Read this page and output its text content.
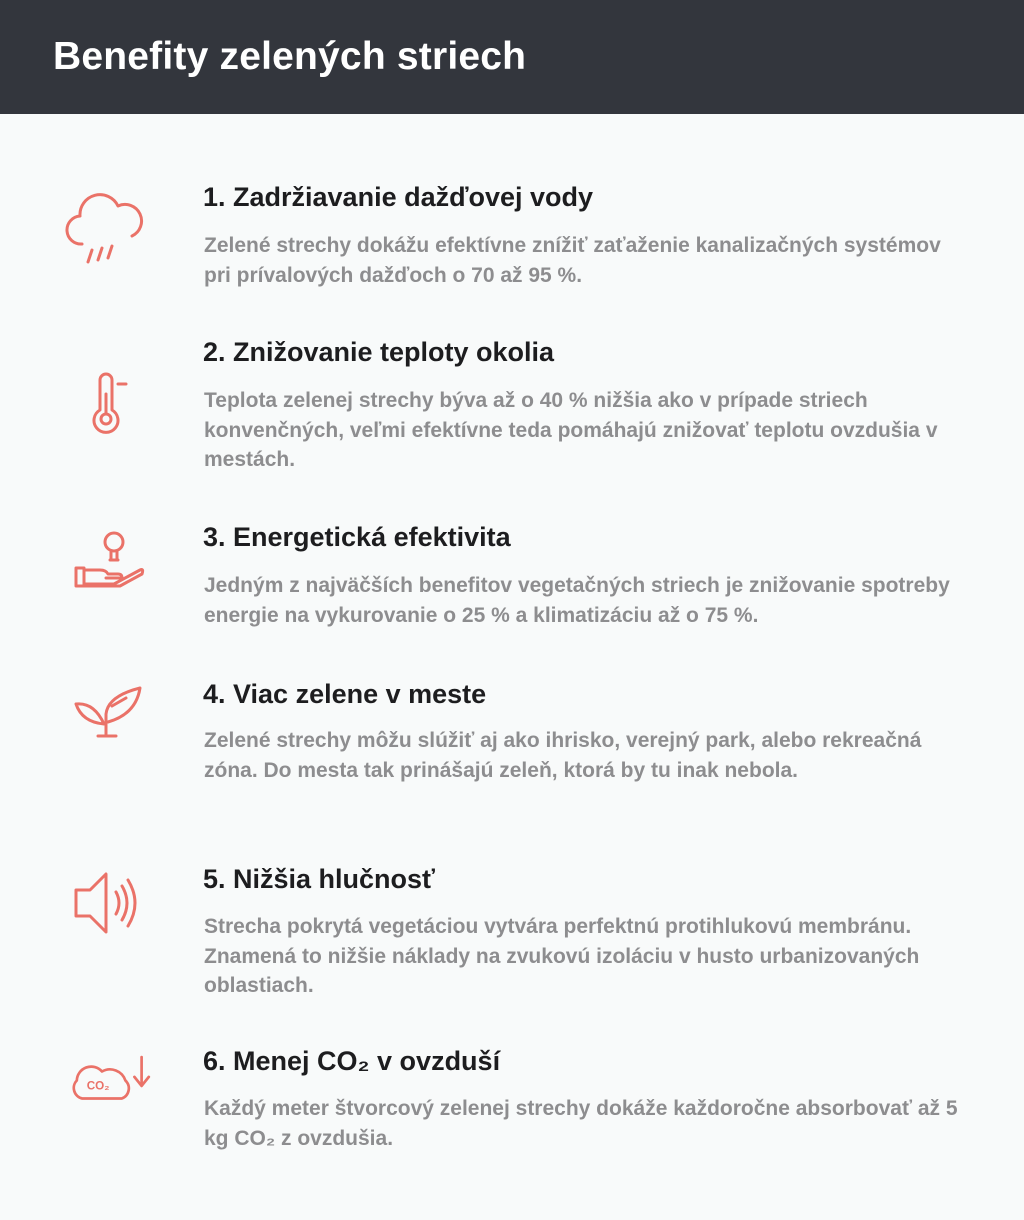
Benefity zelených striech
1. Zadržiavanie dažďovej vody

Zelené strechy dokážu efektívne znížiť zaťaženie kanalizačných systémov pri prívalových dažďoch o 70 až 95 %.

2. Znižovanie teploty okolia

Teplota zelenej strechy býva až o 40 % nižšia ako v prípade striech konvenčných, veľmi efektívne teda pomáhajú znižovať teplotu ovzdušia v mestách.

3. Energetická efektivita

Jedným z najväčších benefitov vegetačných striech je znižovanie spotreby energie na vykurovanie o 25 % a klimatizáciu až o 75 %.

4. Viac zelene v meste

Zelené strechy môžu slúžiť aj ako ihrisko, verejný park, alebo rekreačná zóna. Do mesta tak prinášajú zeleň, ktorá by tu inak nebola.

5. Nižšia hlučnosť

Strecha pokrytá vegetáciou vytvára perfektnú protihlukovú membránu. Znamená to nižšie náklady na zvukovú izoláciu v husto urbanizovaných oblastiach.

CO₂
6. Menej CO₂ v ovzduší

Každý meter štvorcový zelenej strechy dokáže každoročne absorbovať až 5 kg CO₂ z ovzdušia.
